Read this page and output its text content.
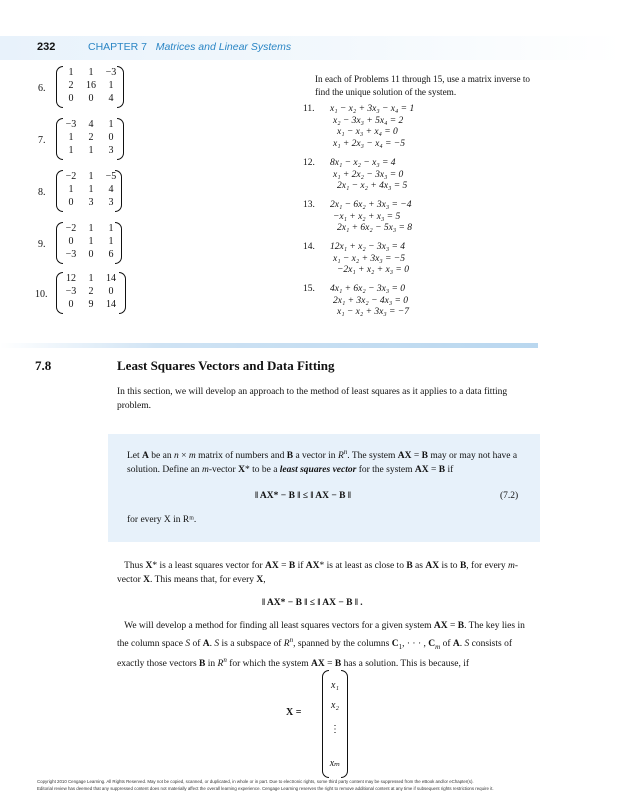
232	CHAPTER 7 Matrices and Linear Systems
6.
1	1	−3
2	16	1
0	0	4
7.
−3	4	1
1	2	0
1	1	3
8.
−2	1	−5
1	1	4
0	3	3
9.
−2	1	1
0	1	1
−3	0	6
10.
12	1	14
−3	2	0
0	9	14
In each of Problems 11 through 15, use a matrix inverse to find the unique solution of the system.
11.	x₁ − x₂ + 3x₃ − x₄ = 1
x₂ − 3x₃ + 5x₄ = 2
x₁ − x₃ + x₄ = 0
x₁ + 2x₃ − x₄ = −5
12.	8x₁ − x₂ − x₃ = 4
x₁ + 2x₂ − 3x₃ = 0
2x₁ − x₂ + 4x₃ = 5
13.	2x₁ − 6x₂ + 3x₃ = −4
−x₁ + x₂ + x₃ = 5
2x₁ + 6x₂ − 5x₃ = 8
14.	12x₁ + x₂ − 3x₃ = 4
x₁ − x₂ + 3x₃ = −5
−2x₁ + x₂ + x₃ = 0
15.	4x₁ + 6x₂ − 3x₃ = 0
2x₁ + 3x₂ − 4x₃ = 0
x₁ − x₂ + 3x₃ = −7
7.8	Least Squares Vectors and Data Fitting
In this section, we will develop an approach to the method of least squares as it applies to a data fitting problem.
Let A be an n × m matrix of numbers and B a vector in $R^n$. The system AX = B may or may not have a solution. Define an m-vector X* to be a least squares vector for the system AX = B if
‖ AX* − B ‖ ≤ ‖ AX − B ‖	(7.2)
for every X in Rᵐ.
Thus X* is a least squares vector for AX = B if AX* is at least as close to B as AX is to B, for every m-vector X. This means that, for every X,
‖ AX* − B ‖ ≤ ‖ AX − B ‖ .
We will develop a method for finding all least squares vectors for a given system AX = B. The key lies in the column space S of A. S is a subspace of $R^n$, spanned by the columns $C_1$, · · · , $C_m$ of A. S consists of exactly those vectors B in $R^n$ for which the system AX = B has a solution. This is because, if
X =
x₁
x₂
⋮
xₘ
Copyright 2010 Cengage Learning. All Rights Reserved. May not be copied, scanned, or duplicated, in whole or in part. Due to electronic rights, some third party content may be suppressed from the eBook and/or eChapter(s).
Editorial review has deemed that any suppressed content does not materially affect the overall learning experience. Cengage Learning reserves the right to remove additional content at any time if subsequent rights restrictions require it.
